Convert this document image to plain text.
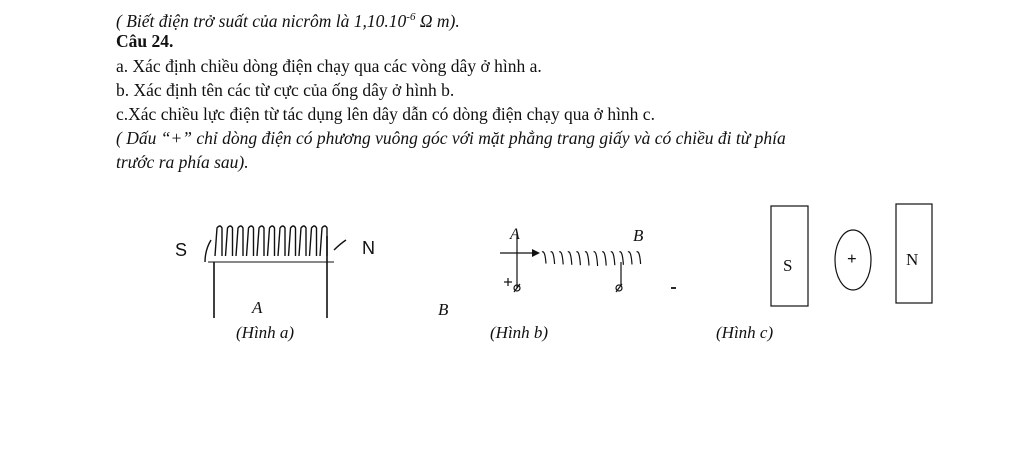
( Biết điện trở suất của nicrôm là $1,10.10^{-6}$ Ω m).
Câu 24.
a. Xác định chiều dòng điện chạy qua các vòng dây ở hình a.
b. Xác định tên các từ cực của ống dây ở hình b.
c.Xác chiều lực điện từ tác dụng lên dây dẫn có dòng điện chạy qua ở hình c.
( Dấu “+” chỉ dòng điện có phương vuông góc với mặt phẳng trang giấy và có chiều đi từ phía
trước ra phía sau).
S	N
A	B
(Hình a)
A	B
(Hình b)
S	+	N
(Hình c)
